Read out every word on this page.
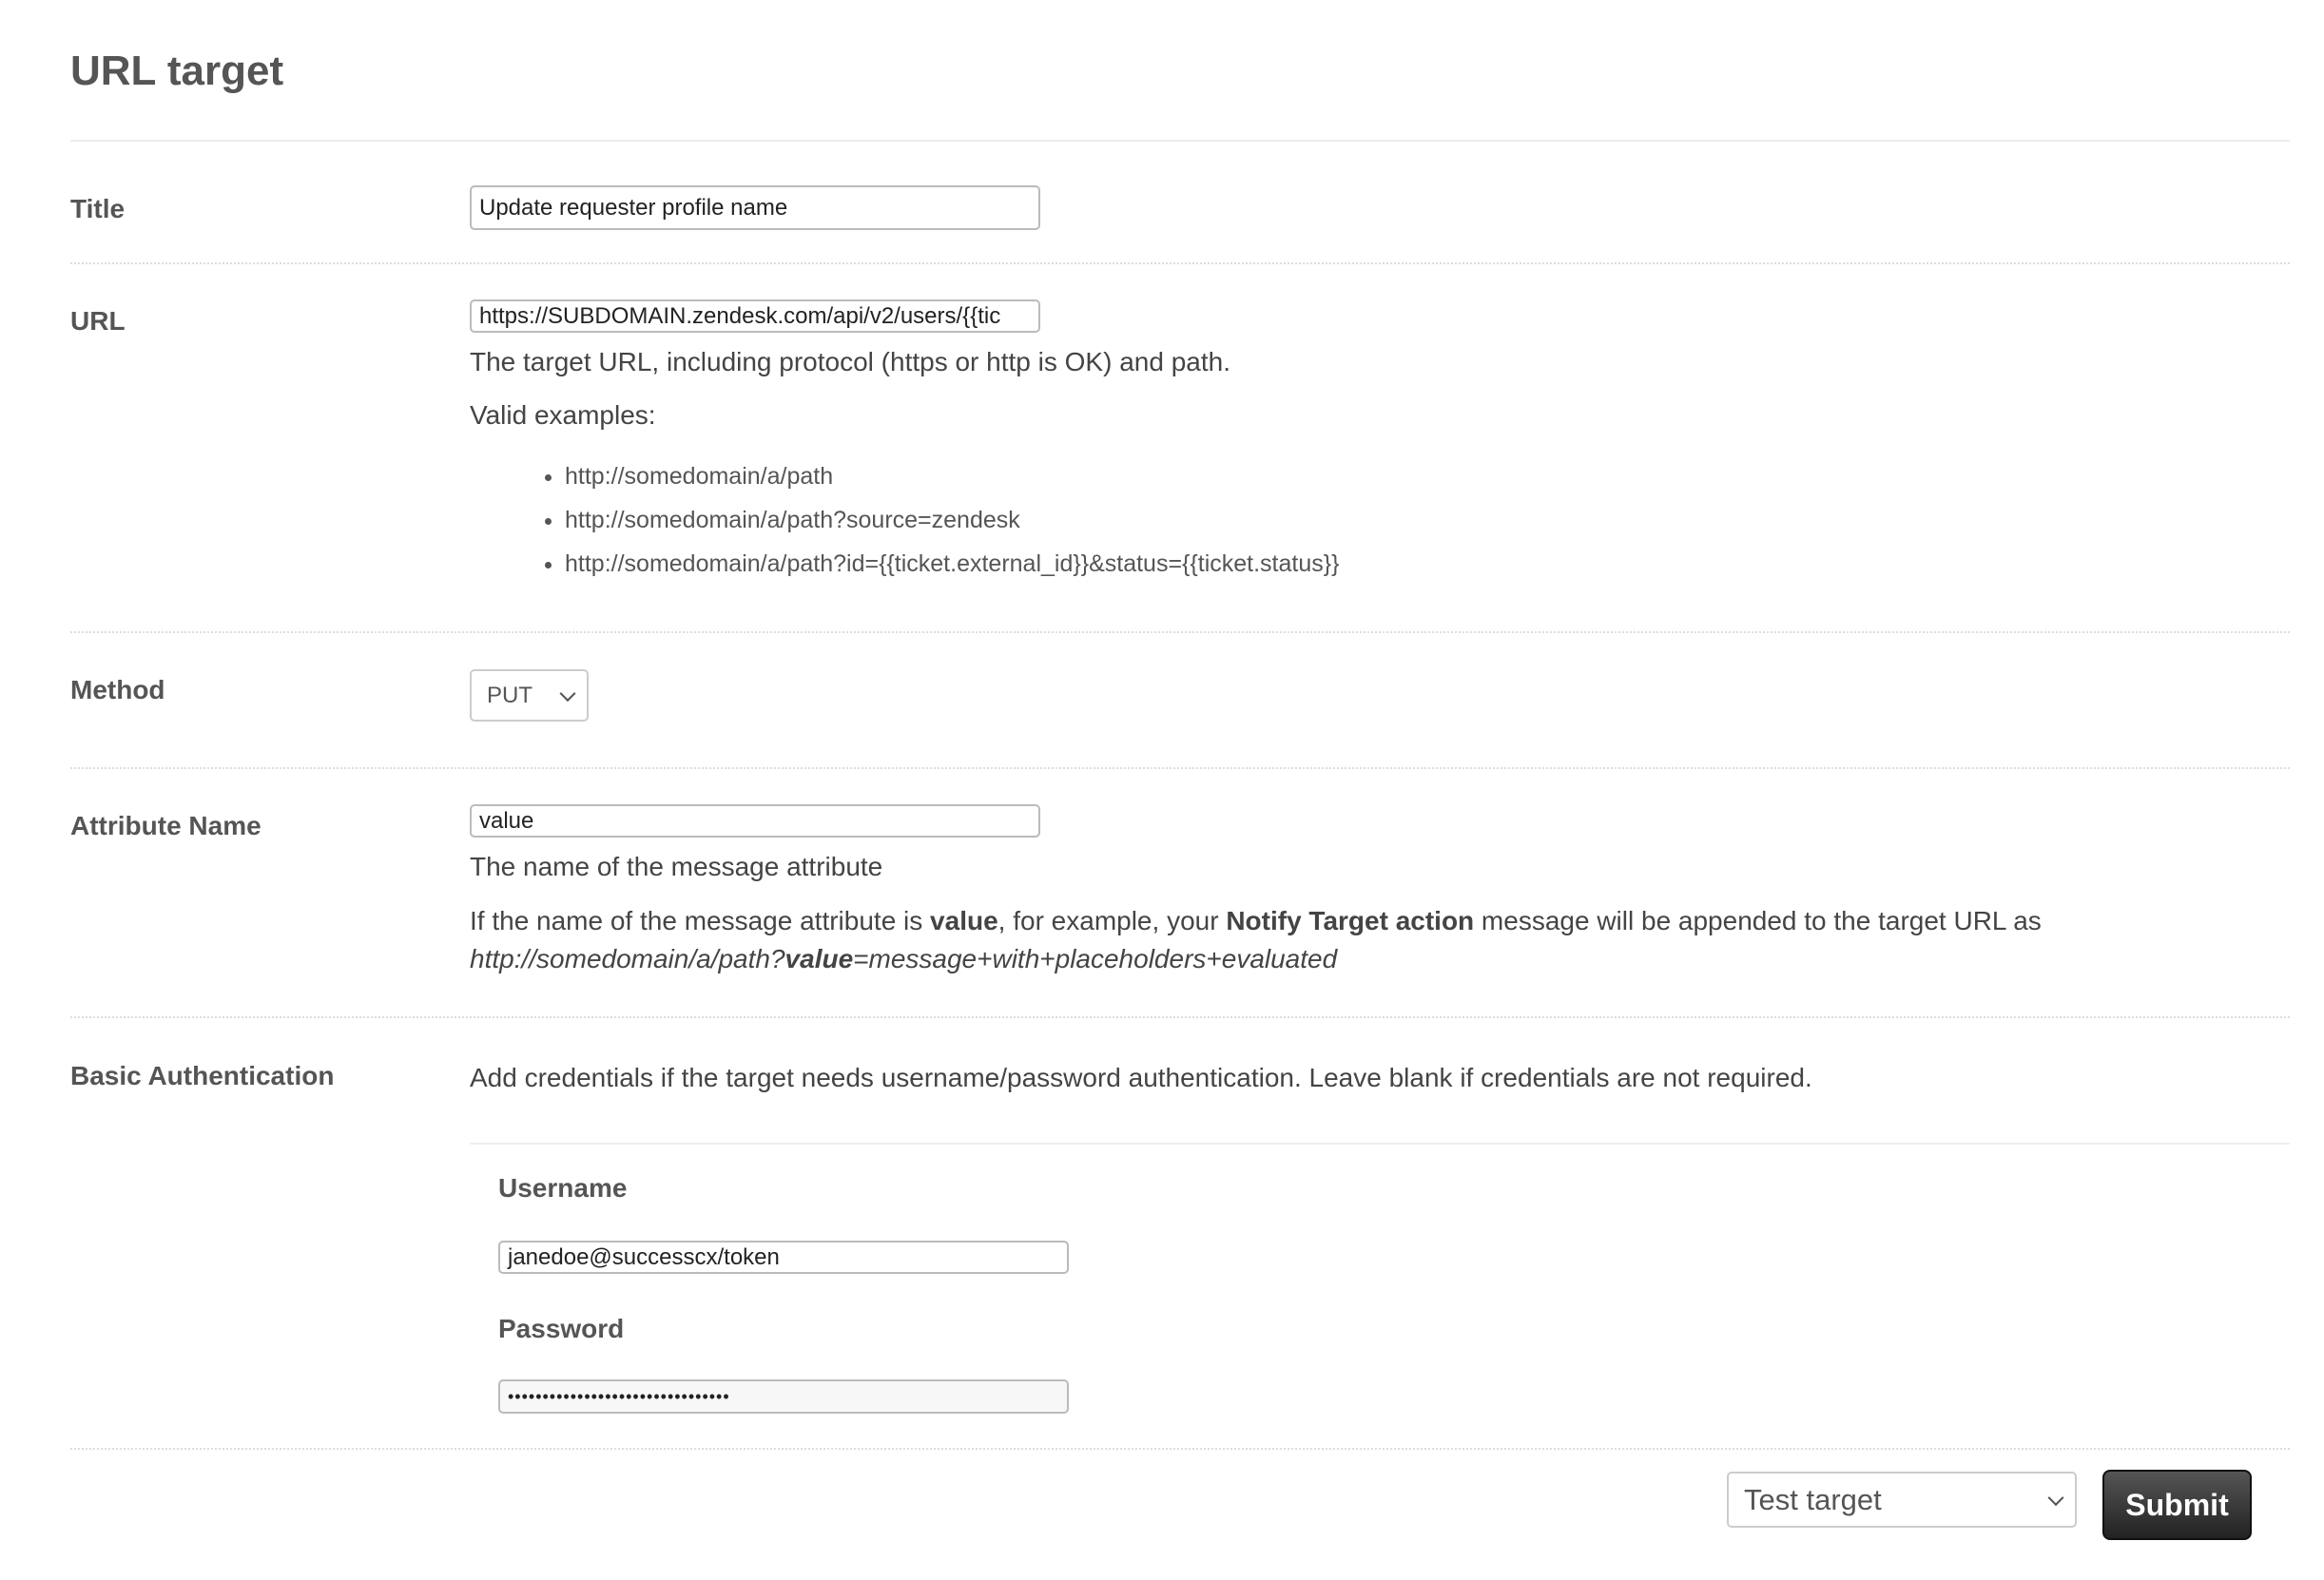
URL target
Title	Update requester profile name
URL	https://SUBDOMAIN.zendesk.com/api/v2/users/{{tic
The target URL, including protocol (https or http is OK) and path.
Valid examples:
http://somedomain/a/path
http://somedomain/a/path?source=zendesk
http://somedomain/a/path?id={{ticket.external_id}}&status={{ticket.status}}
Method	PUT
Attribute Name	value
The name of the message attribute
If the name of the message attribute is value, for example, your Notify Target action message will be appended to the target URL as
http://somedomain/a/path?value=message+with+placeholders+evaluated
Basic Authentication	Add credentials if the target needs username/password authentication. Leave blank if credentials are not required.
Username
janedoe@successcx/token
Password
••••••••••••••••••••••••••••••••
Test target	Submit
